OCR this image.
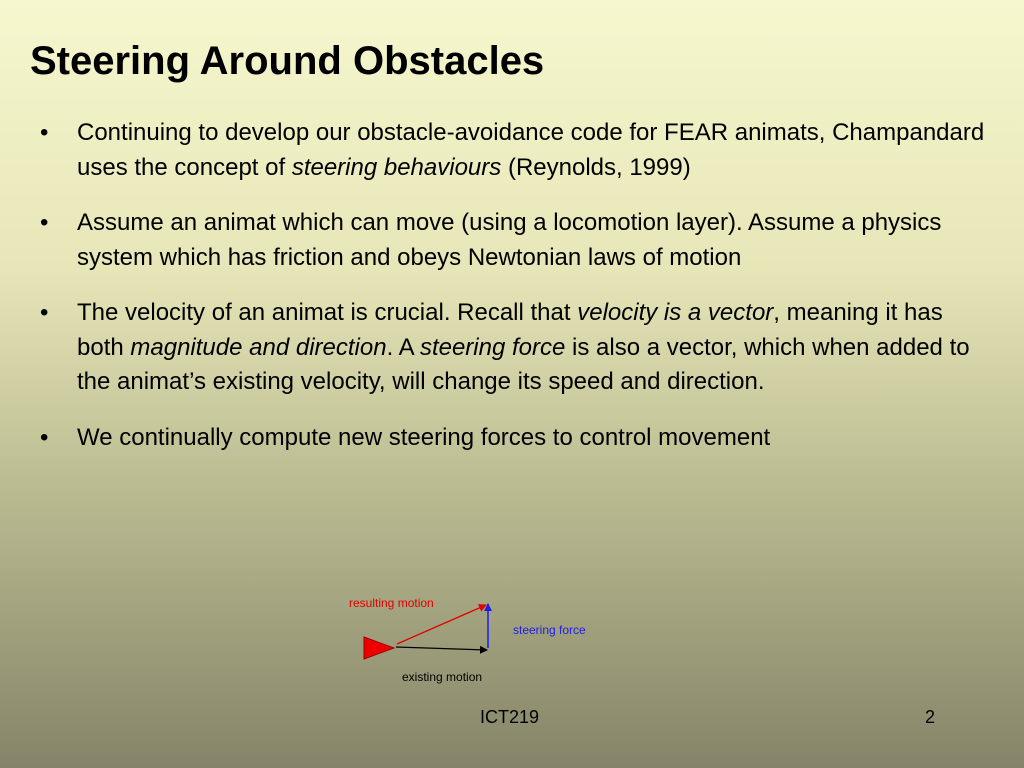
Steering Around Obstacles
• Continuing to develop our obstacle-avoidance code for FEAR animats, Champandard uses the concept of steering behaviours (Reynolds, 1999)
• Assume an animat which can move (using a locomotion layer). Assume a physics system which has friction and obeys Newtonian laws of motion
• The velocity of an animat is crucial. Recall that velocity is a vector, meaning it has both magnitude and direction. A steering force is also a vector, which when added to the animat’s existing velocity, will change its speed and direction.
• We continually compute new steering forces to control movement
resulting motion
steering force
existing motion
ICT219	2
